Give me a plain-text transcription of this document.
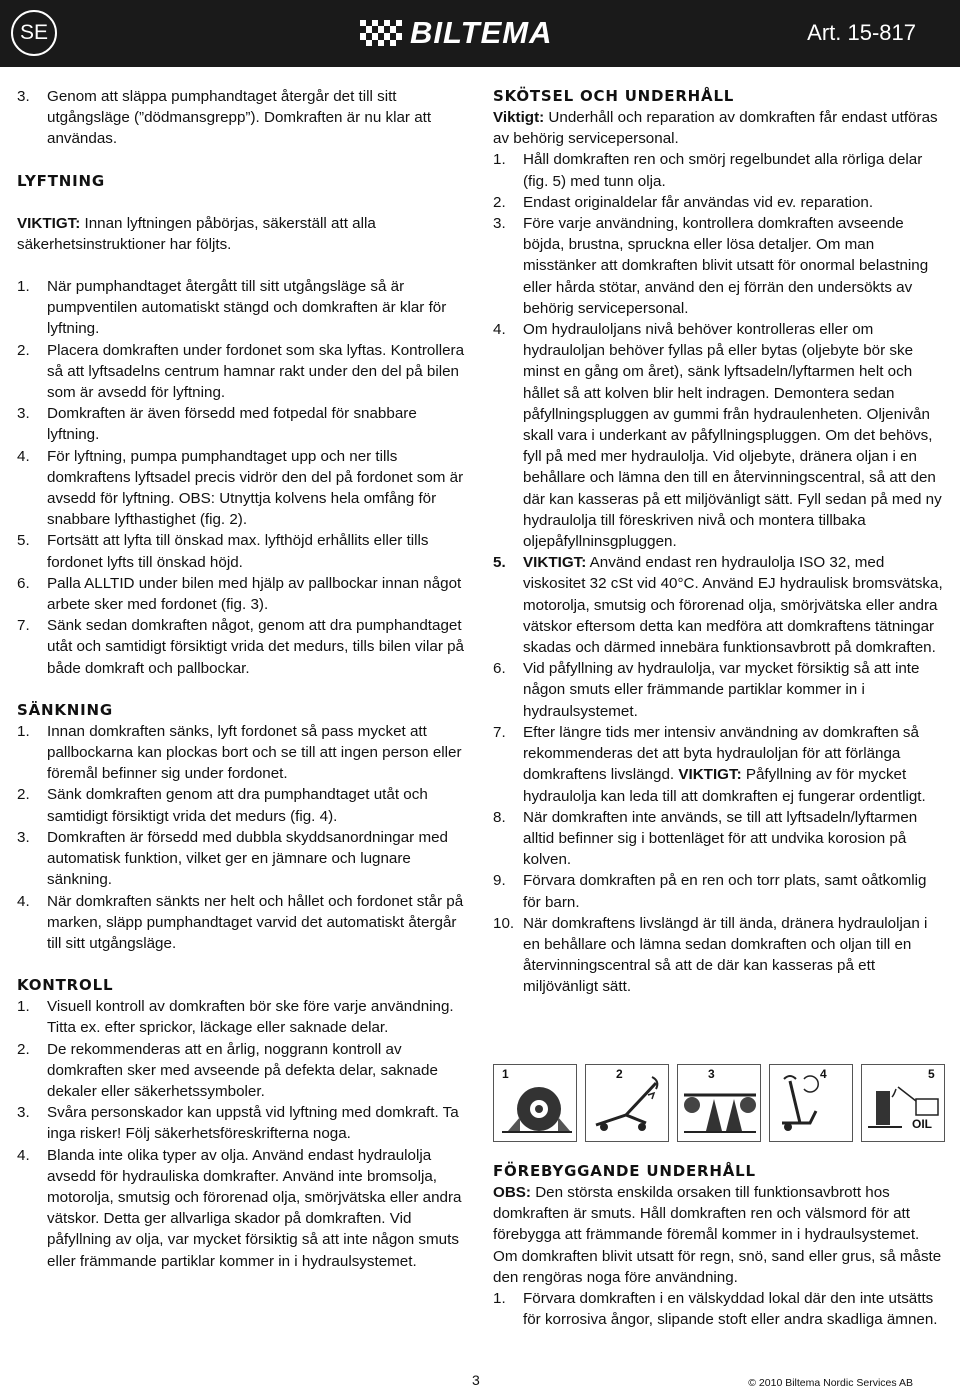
SE	BILTEMA	Art. 15-817
3.	Genom att släppa pumphandtaget återgår det till sitt utgångsläge (”dödmansgrepp”). Domkraften är nu klar att användas.

LYFTNING

VIKTIGT: Innan lyftningen påbörjas, säkerställ att alla säkerhetsinstruktioner har följts.

1.	När pumphandtaget återgått till sitt utgångsläge så är pumpventilen automatiskt stängd och domkraften är klar för lyftning.
2.	Placera domkraften under fordonet som ska lyftas. Kontrollera så att lyftsadelns centrum hamnar rakt under den del på bilen som är avsedd för lyftning.
3.	Domkraften är även försedd med fotpedal för snabbare lyftning.
4.	För lyftning, pumpa pumphandtaget upp och ner tills domkraftens lyftsadel precis vidrör den del på fordonet som är avsedd för lyftning. OBS: Utnyttja kolvens hela omfång för snabbare lyfthastighet (fig. 2).
5.	Fortsätt att lyfta till önskad max. lyfthöjd erhållits eller tills fordonet lyfts till önskad höjd.
6.	Palla ALLTID under bilen med hjälp av pallbockar innan något arbete sker med fordonet (fig. 3).
7.	Sänk sedan domkraften något, genom att dra pumphandtaget utåt och samtidigt försiktigt vrida det medurs, tills bilen vilar på både domkraft och pallbockar.

SÄNKNING

1.	Innan domkraften sänks, lyft fordonet så pass mycket att pallbockarna kan plockas bort och se till att ingen person eller föremål befinner sig under fordonet.
2.	Sänk domkraften genom att dra pumphandtaget utåt och samtidigt försiktigt vrida det medurs (fig. 4).
3.	Domkraften är försedd med dubbla skyddsanordningar med automatisk funktion, vilket ger en jämnare och lugnare sänkning.
4.	När domkraften sänkts ner helt och hållet och fordonet står på marken, släpp pumphandtaget varvid det automatiskt återgår till sitt utgångsläge.

KONTROLL

1.	Visuell kontroll av domkraften bör ske före varje användning. Titta ex. efter sprickor, läckage eller saknade delar.
2.	De rekommenderas att en årlig, noggrann kontroll av domkraften sker med avseende på defekta delar, saknade dekaler eller säkerhetssymboler.
3.	Svåra personskador kan uppstå vid lyftning med domkraft. Ta inga risker! Följ säkerhetsföreskrifterna noga.
4.	Blanda inte olika typer av olja. Använd endast hydraulolja avsedd för hydrauliska domkrafter. Använd inte bromsolja, motorolja, smutsig och förorenad olja, smörjvätska eller andra vätskor. Detta ger allvarliga skador på domkraften. Vid påfyllning av olja, var mycket försiktig så att inte någon smuts eller främmande partiklar kommer in i hydraulsystemet.

SKÖTSEL OCH UNDERHÅLL

Viktigt: Underhåll och reparation av domkraften får endast utföras av behörig servicepersonal.

1.	Håll domkraften ren och smörj regelbundet alla rörliga delar (fig. 5) med tunn olja.
2.	Endast originaldelar får användas vid ev. reparation.
3.	Före varje användning, kontrollera domkraften avseende böjda, brustna, spruckna eller lösa detaljer. Om man misstänker att domkraften blivit utsatt för onormal belastning eller hårda stötar, använd den ej förrän den undersökts av behörig servicepersonal.
4.	Om hydrauloljans nivå behöver kontrolleras eller om hydrauloljan behöver fyllas på eller bytas (oljebyte bör ske minst en gång om året), sänk lyftsadeln/lyftarmen helt och hållet så att kolven blir helt indragen. Demontera sedan påfyllningspluggen av gummi från hydraulenheten. Oljenivån skall vara i underkant av påfyllningspluggen. Om det behövs, fyll på med mer hydraulolja. Vid oljebyte, dränera oljan i en behållare och lämna den till en återvinningscentral, så att den där kan kasseras på ett miljövänligt sätt. Fyll sedan på med ny hydraulolja till föreskriven nivå och montera tillbaka oljepåfyllninsgpluggen.
5.	VIKTIGT: Använd endast ren hydraulolja ISO 32, med viskositet 32 cSt vid 40°C. Använd EJ hydraulisk bromsvätska, motorolja, smutsig och förorenad olja, smörjvätska eller andra vätskor eftersom detta kan medföra att domkraftens tätningar skadas och därmed innebära funktionsavbrott på domkraften.
6.	Vid påfyllning av hydraulolja, var mycket försiktig så att inte någon smuts eller främmande partiklar kommer in i hydraulsystemet.
7.	Efter längre tids mer intensiv användning av domkraften så rekommenderas det att byta hydrauloljan för att förlänga domkraftens livslängd. VIKTIGT: Påfyllning av för mycket hydraulolja kan leda till att domkraften ej fungerar ordentligt.
8.	När domkraften inte används, se till att lyftsadeln/lyftarmen alltid befinner sig i bottenläget för att undvika korosion på kolven.
9.	Förvara domkraften på en ren och torr plats, samt oåtkomlig för barn.
10. När domkraftens livslängd är till ända, dränera hydrauloljan i en behållare och lämna sedan domkraften och oljan till en återvinningscentral så att de där kan kasseras på ett miljövänligt sätt.
1	2	3	4	5
OIL

FÖREBYGGANDE UNDERHÅLL

OBS: Den största enskilda orsaken till funktionsavbrott hos domkraften är smuts. Håll domkraften ren och välsmord för att förebygga att främmande föremål kommer in i hydraulsystemet. Om domkraften blivit utsatt för regn, snö, sand eller grus, så måste den rengöras noga före användning.

1.	Förvara domkraften i en välskyddad lokal där den inte utsätts för korrosiva ångor, slipande stoft eller andra skadliga ämnen.
3	© 2010 Biltema Nordic Services AB
